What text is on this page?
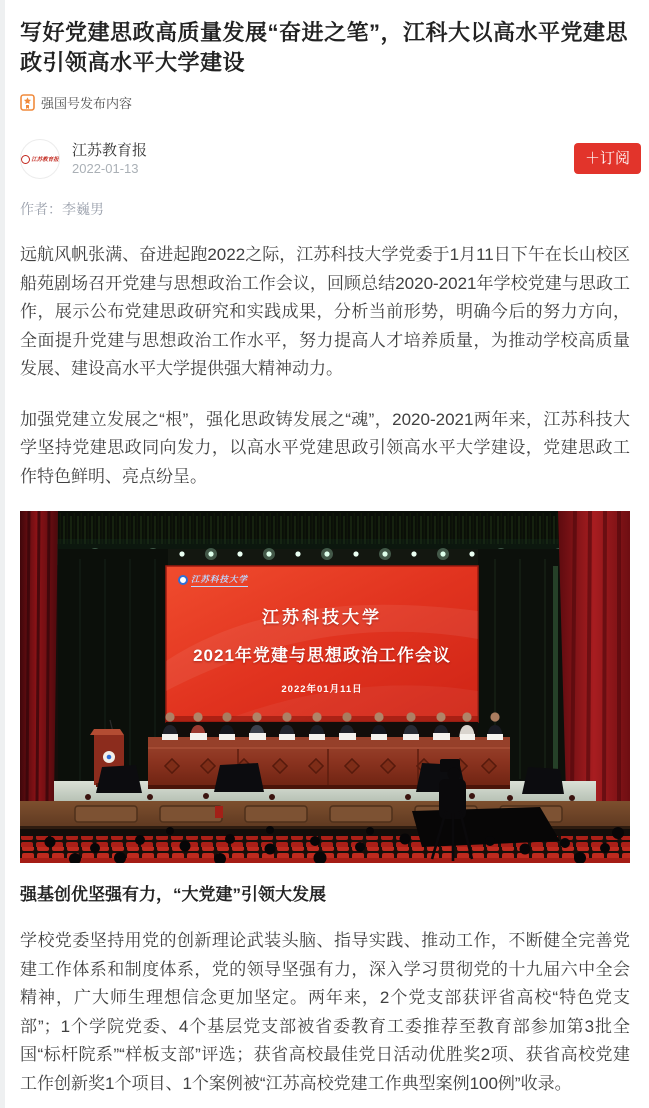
写好党建思政高质量发展“奋进之笔”，江科大以高水平党建思政引领高水平大学建设
强国号发布内容
江苏教育报
江苏教育报
2022-01-13
＋订阅
作者：李巍男

远航风帆张满、奋进起跑2022之际，江苏科技大学党委于1月11日下午在长山校区船苑剧场召开党建与思想政治工作会议，回顾总结2020-2021年学校党建与思政工作，展示公布党建思政研究和实践成果，分析当前形势，明确今后的努力方向，全面提升党建与思想政治工作水平，努力提高人才培养质量，为推动学校高质量发展、建设高水平大学提供强大精神动力。

加强党建立发展之“根”，强化思政铸发展之“魂”，2020-2021两年来，江苏科技大学坚持党建思政同向发力，以高水平党建思政引领高水平大学建设，党建思政工作特色鲜明、亮点纷呈。

江苏科技大学
江苏科技大学
2021年党建与思想政治工作会议
2022年01月11日
强基创优坚强有力，“大党建”引领大发展

学校党委坚持用党的创新理论武装头脑、指导实践、推动工作，不断健全完善党建工作体系和制度体系，党的领导坚强有力，深入学习贯彻党的十九届六中全会精神，广大师生理想信念更加坚定。两年来，2个党支部获评省高校“特色党支部”；1个学院党委、4个基层党支部被省委教育工委推荐至教育部参加第3批全国“标杆院系”“样板支部”评选；获省高校最佳党日活动优胜奖2项、获省高校党建工作创新奖1个项目、1个案例被“江苏高校党建工作典型案例100例”收录。
